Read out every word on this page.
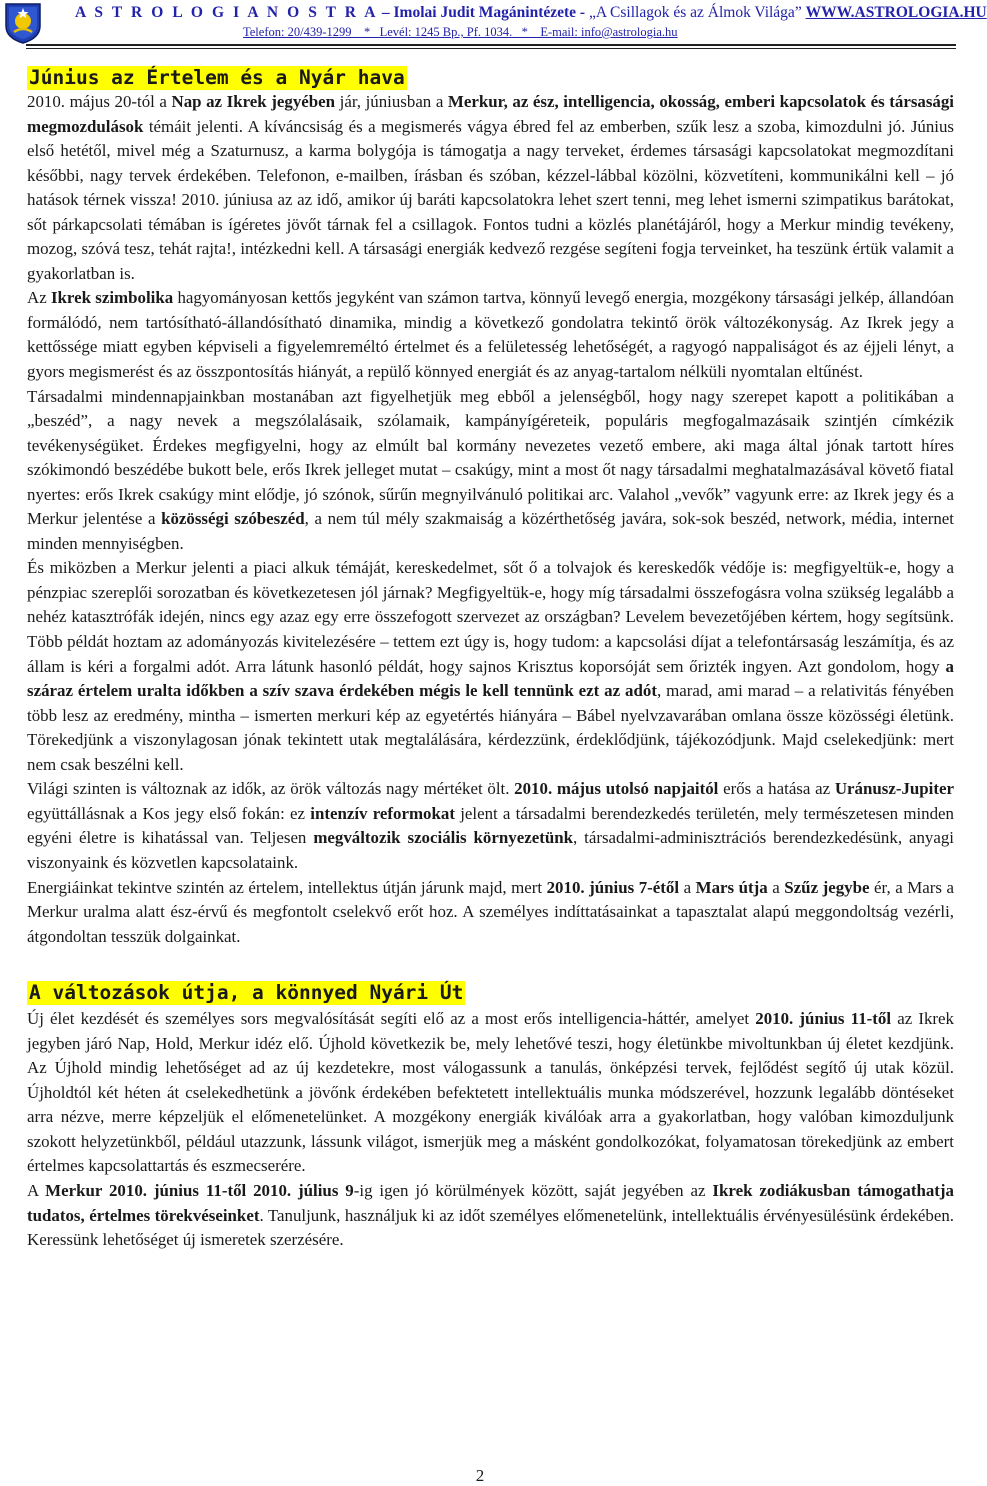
A S T R O L O G I A N O S T R A – Imolai Judit Magánintézete - „A Csillagok és az Álmok Világa” WWW.ASTROLOGIA.HU
Telefon: 20/439-1299    *   Levél: 1245 Bp., Pf. 1034.   *    E-mail: info@astrologia.hu
Június az Értelem és a Nyár hava

2010. május 20-tól a Nap az Ikrek jegyében jár, júniusban a Merkur, az ész, intelligencia, okosság, emberi kapcsolatok és társasági megmozdulások témáit jelenti. A kíváncsiság és a megismerés vágya ébred fel az emberben, szűk lesz a szoba, kimozdulni jó. Június első hetétől, mivel még a Szaturnusz, a karma bolygója is támogatja a nagy terveket, érdemes társasági kapcsolatokat megmozdítani későbbi, nagy tervek érdekében. Telefonon, e-mailben, írásban és szóban, kézzel-lábbal közölni, közvetíteni, kommunikálni kell – jó hatások térnek vissza! 2010. júniusa az az idő, amikor új baráti kapcsolatokra lehet szert tenni, meg lehet ismerni szimpatikus barátokat, sőt párkapcsolati témában is ígéretes jövőt tárnak fel a csillagok. Fontos tudni a közlés planétájáról, hogy a Merkur mindig tevékeny, mozog, szóvá tesz, tehát rajta!, intézkedni kell. A társasági energiák kedvező rezgése segíteni fogja terveinket, ha teszünk értük valamit a gyakorlatban is.

Az Ikrek szimbolika hagyományosan kettős jegyként van számon tartva, könnyű levegő energia, mozgékony társasági jelkép, állandóan formálódó, nem tartósítható-állandósítható dinamika, mindig a következő gondolatra tekintő örök változékonyság. Az Ikrek jegy a kettőssége miatt egyben képviseli a figyelemreméltó értelmet és a felületesség lehetőségét, a ragyogó nappaliságot és az éjjeli lényt, a gyors megismerést és az összpontosítás hiányát, a repülő könnyed energiát és az anyag-tartalom nélküli nyomtalan eltűnést.

Társadalmi mindennapjainkban mostanában azt figyelhetjük meg ebből a jelenségből, hogy nagy szerepet kapott a politikában a „beszéd”, a nagy nevek a megszólalásaik, szólamaik, kampányígéreteik, populáris megfogalmazásaik szintjén címkézik tevékenységüket. Érdekes megfigyelni, hogy az elmúlt bal kormány nevezetes vezető embere, aki maga által jónak tartott híres szókimondó beszédébe bukott bele, erős Ikrek jelleget mutat – csakúgy, mint a most őt nagy társadalmi meghatalmazásával követő fiatal nyertes: erős Ikrek csakúgy mint elődje, jó szónok, sűrűn megnyilvánuló politikai arc. Valahol „vevők” vagyunk erre: az Ikrek jegy és a Merkur jelentése a közösségi szóbeszéd, a nem túl mély szakmaiság a közérthetőség javára, sok-sok beszéd, network, média, internet minden mennyiségben.

És miközben a Merkur jelenti a piaci alkuk témáját, kereskedelmet, sőt ő a tolvajok és kereskedők védője is: megfigyeltük-e, hogy a pénzpiac szereplői sorozatban és következetesen jól járnak? Megfigyeltük-e, hogy míg társadalmi összefogásra volna szükség legalább a nehéz katasztrófák idején, nincs egy azaz egy erre összefogott szervezet az országban? Levelem bevezetőjében kértem, hogy segítsünk. Több példát hoztam az adományozás kivitelezésére – tettem ezt úgy is, hogy tudom: a kapcsolási díjat a telefontársaság leszámítja, és az állam is kéri a forgalmi adót. Arra látunk hasonló példát, hogy sajnos Krisztus koporsóját sem őrizték ingyen. Azt gondolom, hogy a száraz értelem uralta időkben a szív szava érdekében mégis le kell tennünk ezt az adót, marad, ami marad – a relativitás fényében több lesz az eredmény, mintha – ismerten merkuri kép az egyetértés hiányára – Bábel nyelvzavarában omlana össze közösségi életünk. Törekedjünk a viszonylagosan jónak tekintett utak megtalálására, kérdezzünk, érdeklődjünk, tájékozódjunk. Majd cselekedjünk: mert nem csak beszélni kell.

Világi szinten is változnak az idők, az örök változás nagy mértéket ölt. 2010. május utolsó napjaitól erős a hatása az Uránusz-Jupiter együttállásnak a Kos jegy első fokán: ez intenzív reformokat jelent a társadalmi berendezkedés területén, mely természetesen minden egyéni életre is kihatással van. Teljesen megváltozik szociális környezetünk, társadalmi-adminisztrációs berendezkedésünk, anyagi viszonyaink és közvetlen kapcsolataink.

Energiáinkat tekintve szintén az értelem, intellektus útján járunk majd, mert 2010. június 7-étől a Mars útja a Szűz jegybe ér, a Mars a Merkur uralma alatt ész-érvű és megfontolt cselekvő erőt hoz. A személyes indíttatásainkat a tapasztalat alapú meggondoltság vezérli, átgondoltan tesszük dolgainkat.

A változások útja, a könnyed Nyári Út

Új élet kezdését és személyes sors megvalósítását segíti elő az a most erős intelligencia-háttér, amelyet 2010. június 11-től az Ikrek jegyben járó Nap, Hold, Merkur idéz elő. Újhold következik be, mely lehetővé teszi, hogy életünkbe mivoltunkban új életet kezdjünk. Az Újhold mindig lehetőséget ad az új kezdetekre, most válogassunk a tanulás, önképzési tervek, fejlődést segítő új utak közül. Újholdtól két héten át cselekedhetünk a jövőnk érdekében befektetett intellektuális munka módszerével, hozzunk legalább döntéseket arra nézve, merre képzeljük el előmenetelünket. A mozgékony energiák kiválóak arra a gyakorlatban, hogy valóban kimozduljunk szokott helyzetünkből, például utazzunk, lássunk világot, ismerjük meg a másként gondolkozókat, folyamatosan törekedjünk az embert értelmes kapcsolattartás és eszmecserére.

A Merkur 2010. június 11-től 2010. július 9-ig igen jó körülmények között, saját jegyében az Ikrek zodiákusban támogathatja tudatos, értelmes törekvéseinket. Tanuljunk, használjuk ki az időt személyes előmenetelünk, intellektuális érvényesülésünk érdekében. Keressünk lehetőséget új ismeretek szerzésére.

2
